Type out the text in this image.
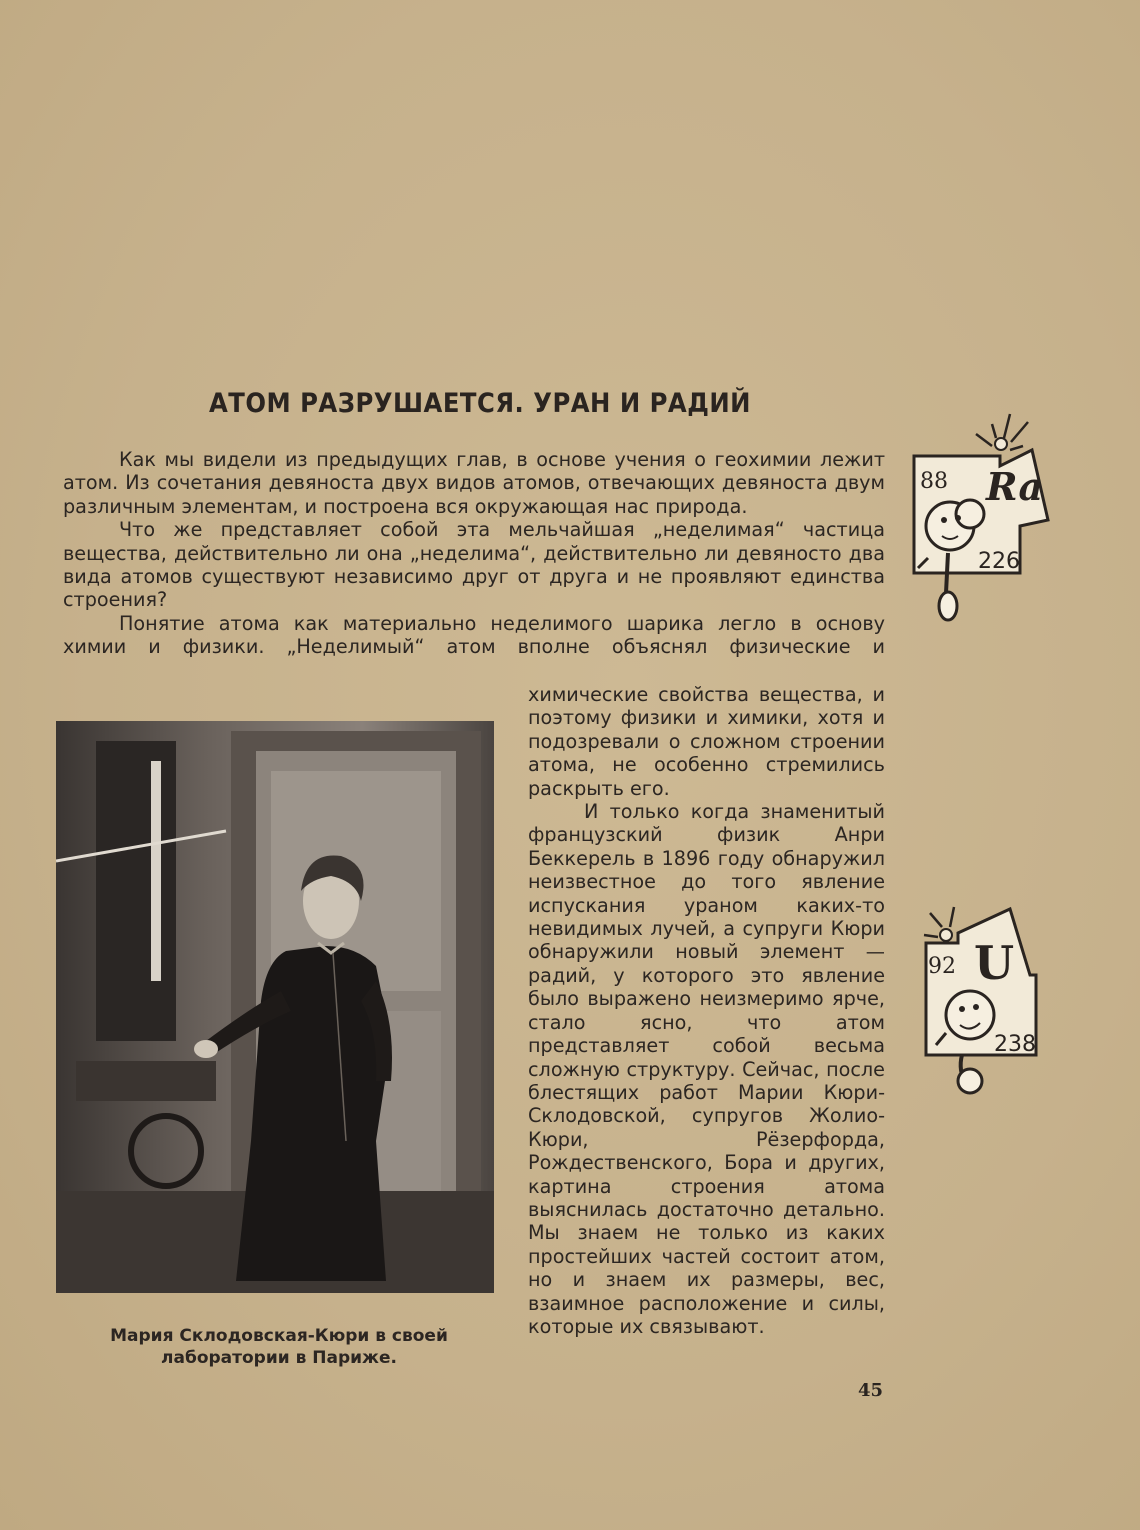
АТОМ РАЗРУШАЕТСЯ. УРАН И РАДИЙ

Как мы видели из предыдущих глав, в основе учения о геохимии лежит атом. Из сочетания девяноста двух видов атомов, отвечающих девяноста двум различным элементам, и построена вся окружающая нас природа.

Что же представляет собой эта мельчайшая „неделимая“ частица вещества, действительно ли она „неделима“, действительно ли девяносто два вида атомов существуют независимо друг от друга и не проявляют единства строения?

Понятие атома как материально неделимого шарика легло в основу химии и физики. „Неделимый“ атом вполне объяснял физические и

химические свойства вещества, и поэтому физики и химики, хотя и подозревали о сложном строении атома, не особенно стремились раскрыть его.

И только когда знаменитый французский физик Анри Беккерель в 1896 году обнаружил неизвестное до того явление испускания ураном каких-то невидимых лучей, а супруги Кюри обнаружили новый элемент — радий, у которого это явление было выражено неизмеримо ярче, стало ясно, что атом представляет собой весьма сложную структуру. Сейчас, после блестящих работ Марии Кюри-Склодовской, супругов Жолио-Кюри, Рёзерфорда, Рождественского, Бора и других, картина строения атома выяснилась достаточно детально. Мы знаем не только из каких простейших частей состоит атом, но и знаем их размеры, вес, взаимное расположение и силы, которые их связывают.

Мария Склодовская-Кюри в своей лаборатории в Париже.
45
88 Ra
226
92 U
238
